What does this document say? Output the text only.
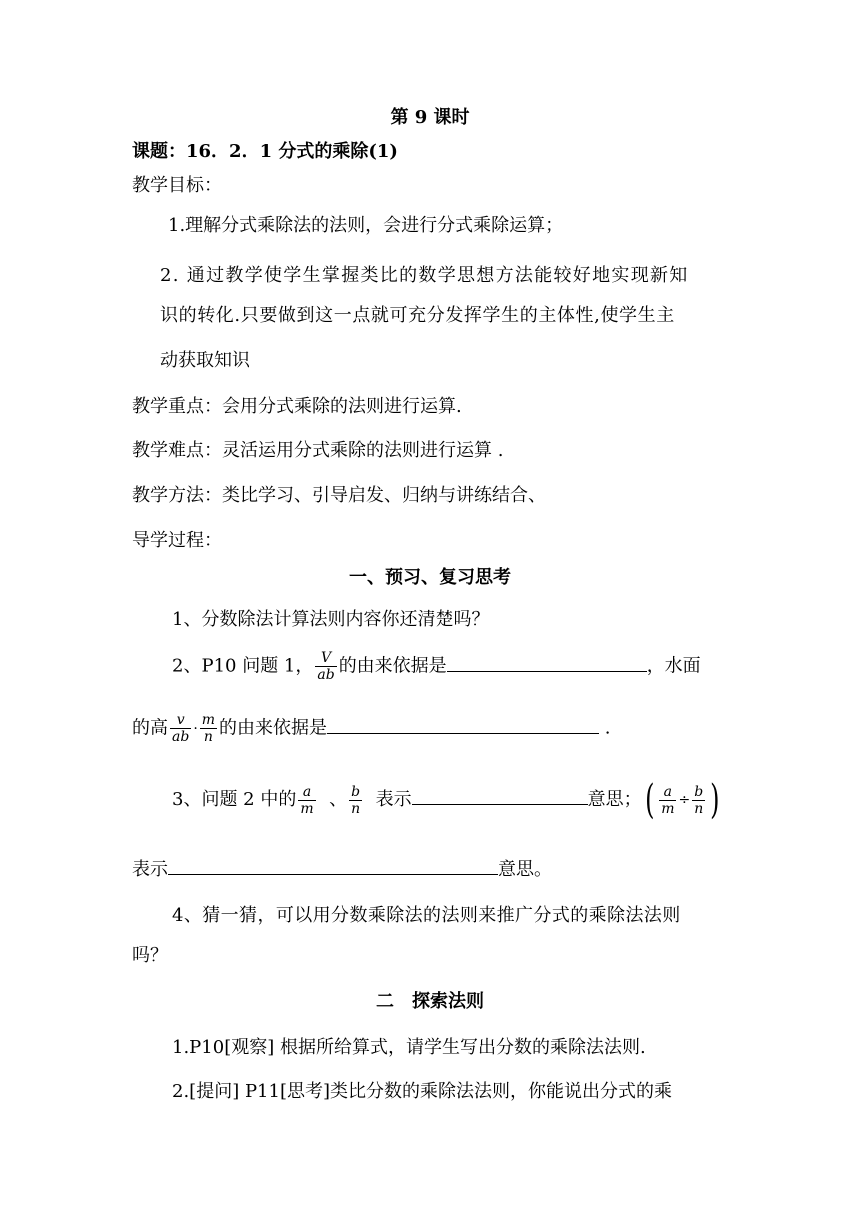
第 9 课时
课题：16．2．1 分式的乘除(1)
教学目标：
1.理解分式乘除法的法则，会进行分式乘除运算；
2. 通过教学使学生掌握类比的数学思想方法能较好地实现新知
识的转化.只要做到这一点就可充分发挥学生的主体性,使学生主
动获取知识
教学重点：会用分式乘除的法则进行运算.
教学难点：灵活运用分式乘除的法则进行运算 .
教学方法：类比学习、引导启发、归纳与讲练结合、
导学过程：
一、预习、复习思考
1、分数除法计算法则内容你还清楚吗？
2、P10 问题 1， $\frac{V}{ab}$ 的由来依据是	，水面
的高 $\frac{v}{ab} \cdot \frac{m}{n}$ 的由来依据是	.
3、问题 2 中的 $\frac{a}{m}$ 、 $\frac{b}{n}$ 表示	意思；( $\frac{a}{m} \div \frac{b}{n}$ )
表示	意思。
4、猜一猜，可以用分数乘除法的法则来推广分式的乘除法法则
吗？
二　探索法则
1.P10[观察] 根据所给算式，请学生写出分数的乘除法法则.
2.[提问] P11[思考]类比分数的乘除法法则，你能说出分式的乘
